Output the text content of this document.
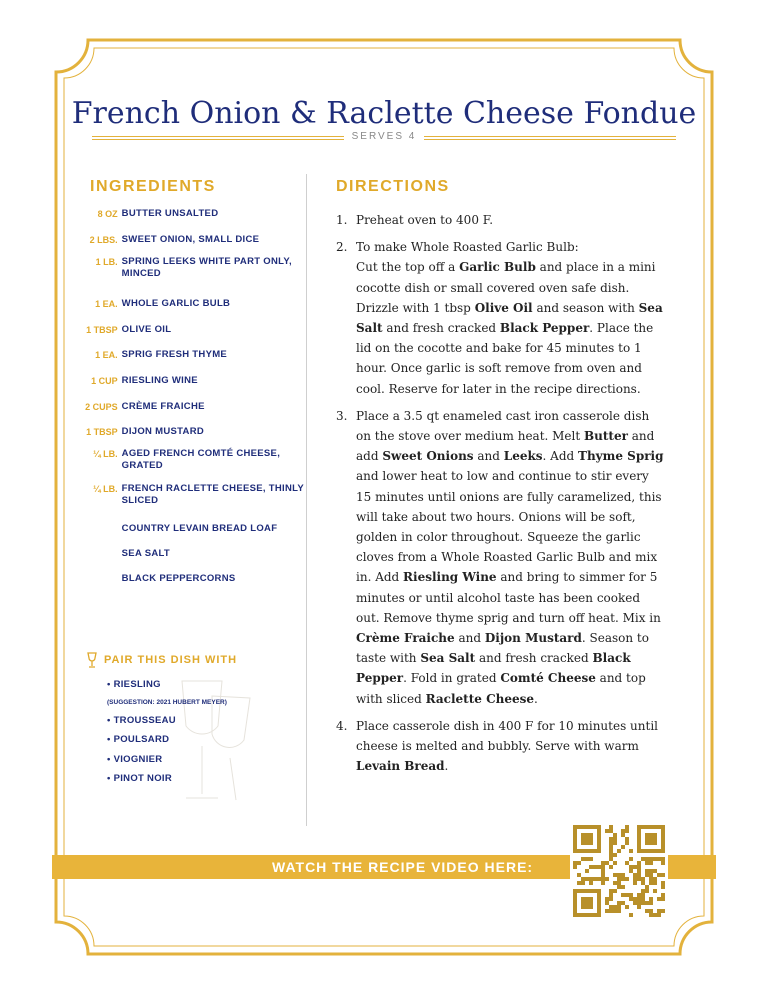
French Onion & Raclette Cheese Fondue
SERVES 4
INGREDIENTS	DIRECTIONS
8 OZ BUTTER UNSALTED
2 LBS. SWEET ONION, SMALL DICE
1 LB. SPRING LEEKS WHITE PART ONLY, MINCED
1 EA. WHOLE GARLIC BULB
1 TBSP OLIVE OIL
1 EA. SPRIG FRESH THYME
1 CUP RIESLING WINE
2 CUPS CRÈME FRAICHE
1 TBSP DIJON MUSTARD
¼ LB. AGED FRENCH COMTÉ CHEESE, GRATED
¼ LB. FRENCH RACLETTE CHEESE, THINLY SLICED
COUNTRY LEVAIN BREAD LOAF
SEA SALT
BLACK PEPPERCORNS
PAIR THIS DISH WITH
• RIESLING
(SUGGESTION: 2021 HUBERT MEYER)
• TROUSSEAU
• POULSARD
• VIOGNIER
• PINOT NOIR
1. Preheat oven to 400 F.
2. To make Whole Roasted Garlic Bulb:
Cut the top off a Garlic Bulb and place in a mini cocotte dish or small covered oven safe dish. Drizzle with 1 tbsp Olive Oil and season with Sea Salt and fresh cracked Black Pepper. Place the lid on the cocotte and bake for 45 minutes to 1 hour. Once garlic is soft remove from oven and cool. Reserve for later in the recipe directions.
3. Place a 3.5 qt enameled cast iron casserole dish on the stove over medium heat. Melt Butter and add Sweet Onions and Leeks. Add Thyme Sprig and lower heat to low and continue to stir every 15 minutes until onions are fully caramelized, this will take about two hours. Onions will be soft, golden in color throughout. Squeeze the garlic cloves from a Whole Roasted Garlic Bulb and mix in. Add Riesling Wine and bring to simmer for 5 minutes or until alcohol taste has been cooked out. Remove thyme sprig and turn off heat. Mix in Crème Fraiche and Dijon Mustard. Season to taste with Sea Salt and fresh cracked Black Pepper. Fold in grated Comté Cheese and top with sliced Raclette Cheese.
4. Place casserole dish in 400 F for 10 minutes until cheese is melted and bubbly. Serve with warm Levain Bread.
WATCH THE RECIPE VIDEO HERE:
